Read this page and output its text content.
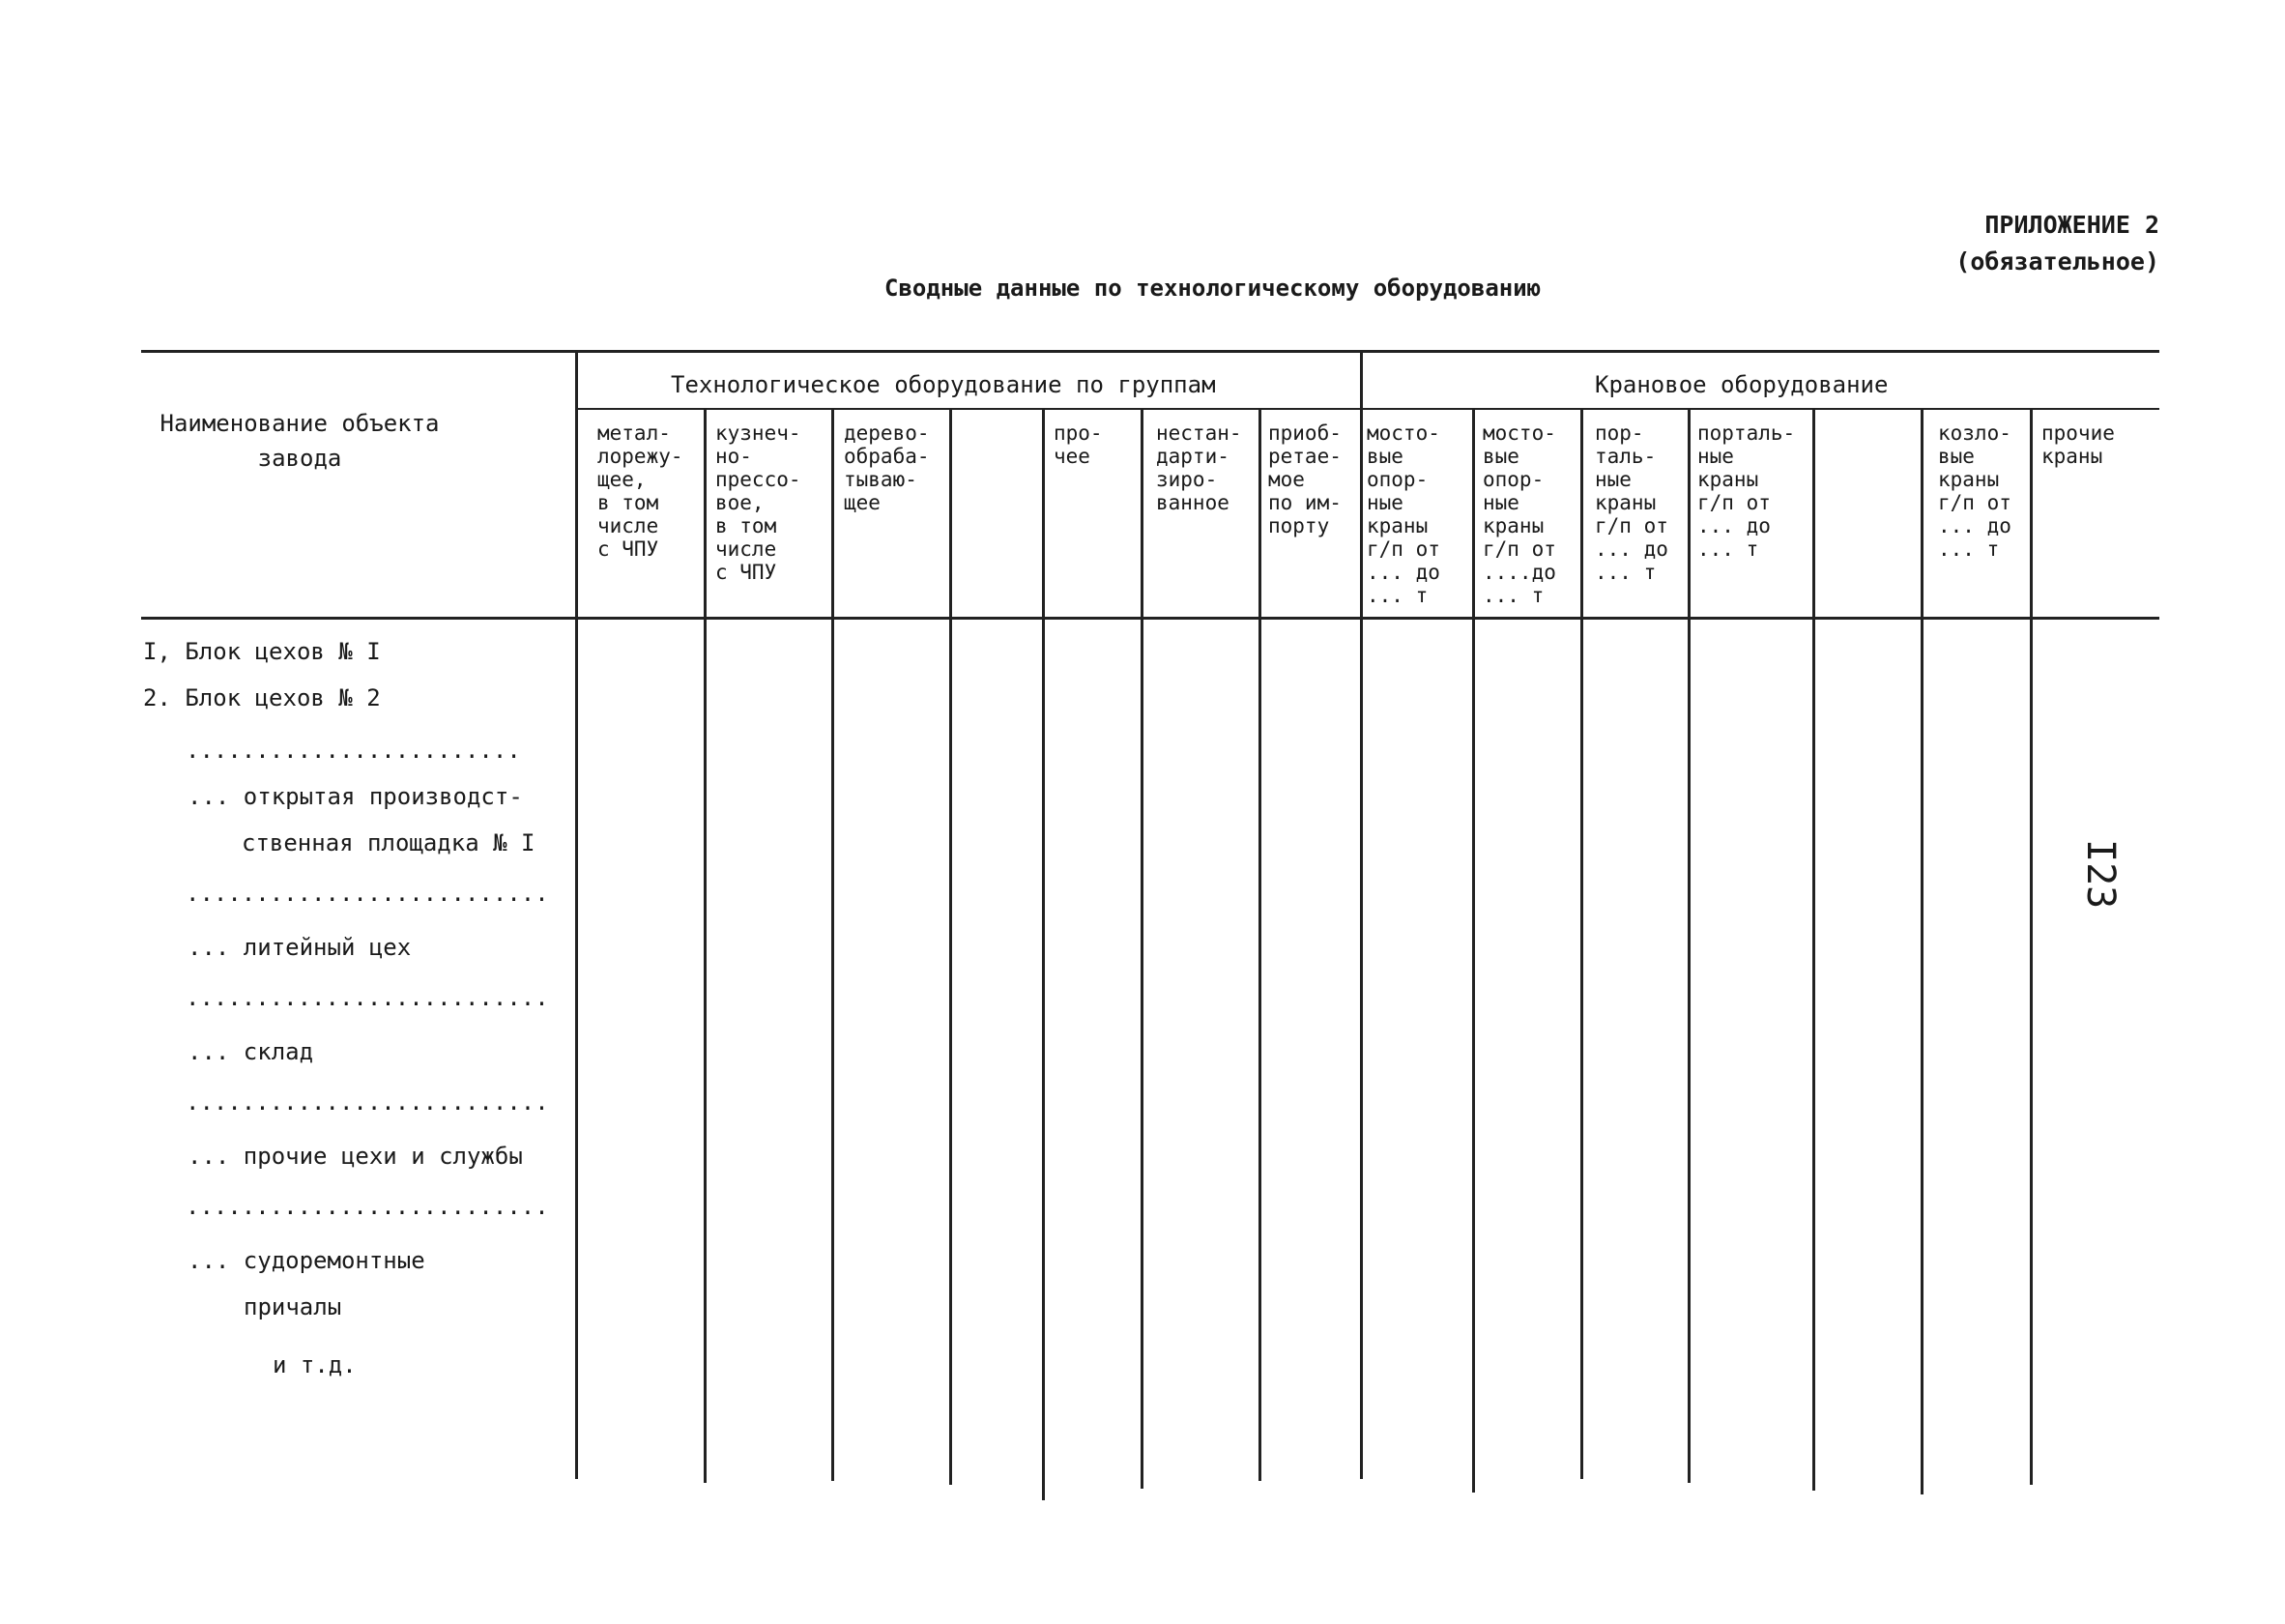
ПРИЛОЖЕНИЕ 2
(обязательное)
Сводные данные по технологическому оборудованию
I23
Наименование объекта завода
Технологическое оборудование по группам	Крановое оборудование
метал-
лорежу-
щее,
в том
числе
с ЧПУ
кузнеч-
но-
прессо-
вое,
в том
числе
с ЧПУ
дерево-
обраба-
тываю-
щее
про-
чее
нестан-
дарти-
зиро-
ванное
приоб-
ретае-
мое
по им-
порту
мосто-
вые
опор-
ные
краны
г/п от
... до
... т
мосто-
вые
опор-
ные
краны
г/п от
....до
... т
пор-
таль-
ные
краны
г/п от
... до
... т
порталь-
ные
краны
г/п от
... до
... т
козло-
вые
краны
г/п от
... до
... т
прочие
краны
I, Блок цехов № I
2. Блок цехов № 2
........................
... открытая производст-
ственная площадка № I
..........................
... литейный цех
..........................
... склад
..........................
... прочие цехи и службы
..........................
... судоремонтные
причалы
и т.д.
